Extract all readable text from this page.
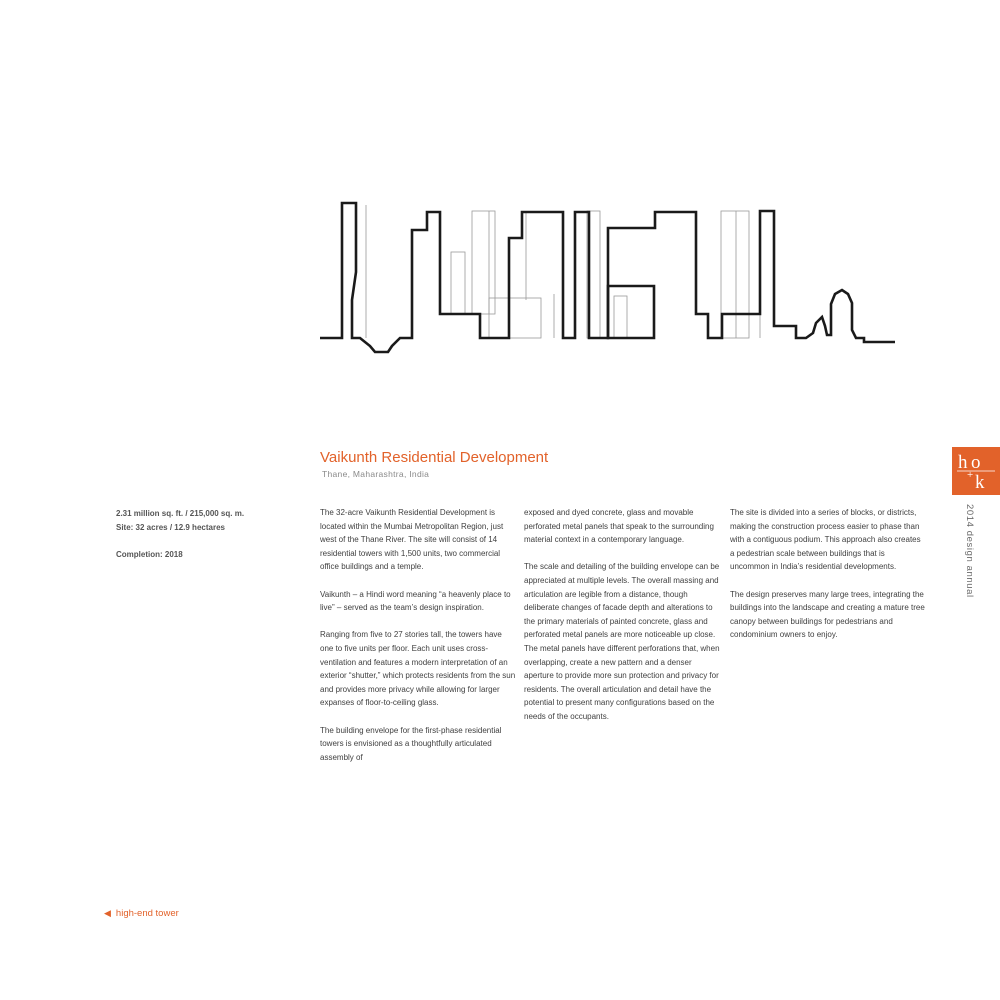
Vaikunth Residential Development
Thane, Maharashtra, India
2.31 million sq. ft. / 215,000 sq. m.
Site: 32 acres / 12.9 hectares
Completion: 2018

The 32-acre Vaikunth Residential Development is located within the Mumbai Metropolitan Region, just west of the Thane River. The site will consist of 14 residential towers with 1,500 units, two commercial office buildings and a temple.

Vaikunth – a Hindi word meaning “a heavenly place to live” – served as the team’s design inspiration.

Ranging from five to 27 stories tall, the towers have one to five units per floor. Each unit uses cross-ventilation and features a modern interpretation of an exterior “shutter,” which protects residents from the sun and provides more privacy while allowing for larger expanses of floor-to-ceiling glass.

The building envelope for the first-phase residential towers is envisioned as a thoughtfully articulated assembly of

exposed and dyed concrete, glass and movable perforated metal panels that speak to the surrounding material context in a contemporary language.

The scale and detailing of the building envelope can be appreciated at multiple levels. The overall massing and articulation are legible from a distance, though deliberate changes of facade depth and alterations to the primary materials of painted concrete, glass and perforated metal panels are more noticeable up close. The metal panels have different perforations that, when overlapping, create a new pattern and a denser aperture to provide more sun protection and privacy for residents. The overall articulation and detail have the potential to present many configurations based on the needs of the occupants.

The site is divided into a series of blocks, or districts, making the construction process easier to phase than with a contiguous podium. This approach also creates a pedestrian scale between buildings that is uncommon in India’s residential developments.

The design preserves many large trees, integrating the buildings into the landscape and creating a mature tree canopy between buildings for pedestrians and condominium owners to enjoy.

h o
+ k
2014 design annual
◀ high-end tower
